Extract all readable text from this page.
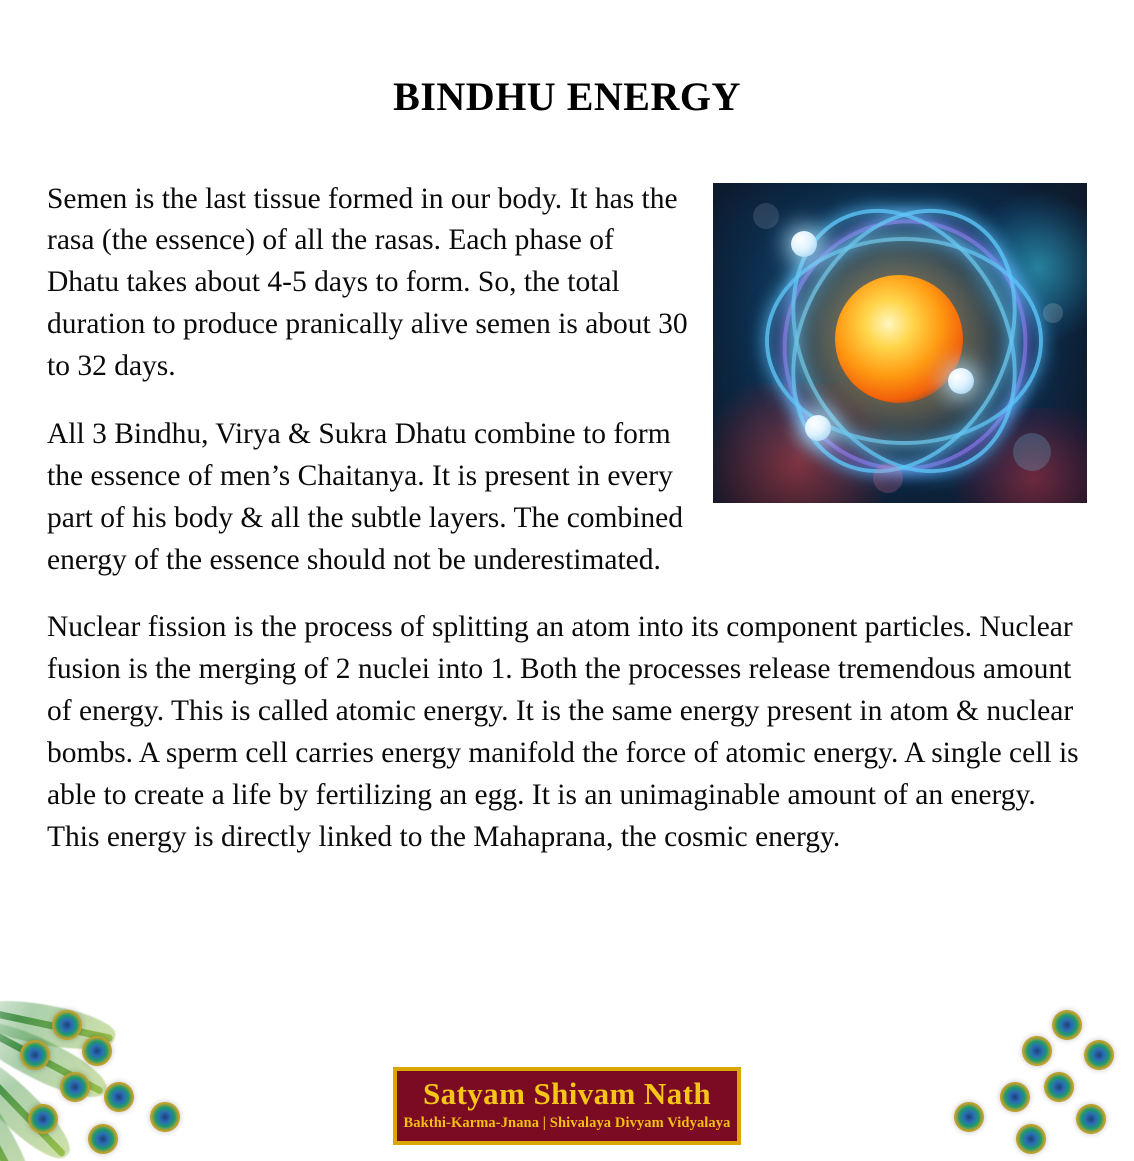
BINDHU ENERGY

Semen is the last tissue formed in our body. It has the rasa (the essence) of all the rasas. Each phase of Dhatu takes about 4-5 days to form. So, the total duration to produce pranically alive semen is about 30 to 32 days.

All 3 Bindhu, Virya & Sukra Dhatu combine to form the essence of men’s Chaitanya. It is present in every part of his body & all the subtle layers. The combined energy of the essence should not be underestimated.

Nuclear fission is the process of splitting an atom into its component particles. Nuclear fusion is the merging of 2 nuclei into 1. Both the processes release tremendous amount of energy. This is called atomic energy. It is the same energy present in atom & nuclear bombs. A sperm cell carries energy manifold the force of atomic energy. A single cell is able to create a life by fertilizing an egg. It is an unimaginable amount of an energy. This energy is directly linked to the Mahaprana, the cosmic energy.

Satyam Shivam Nath
Bakthi-Karma-Jnana | Shivalaya Divyam Vidyalaya
